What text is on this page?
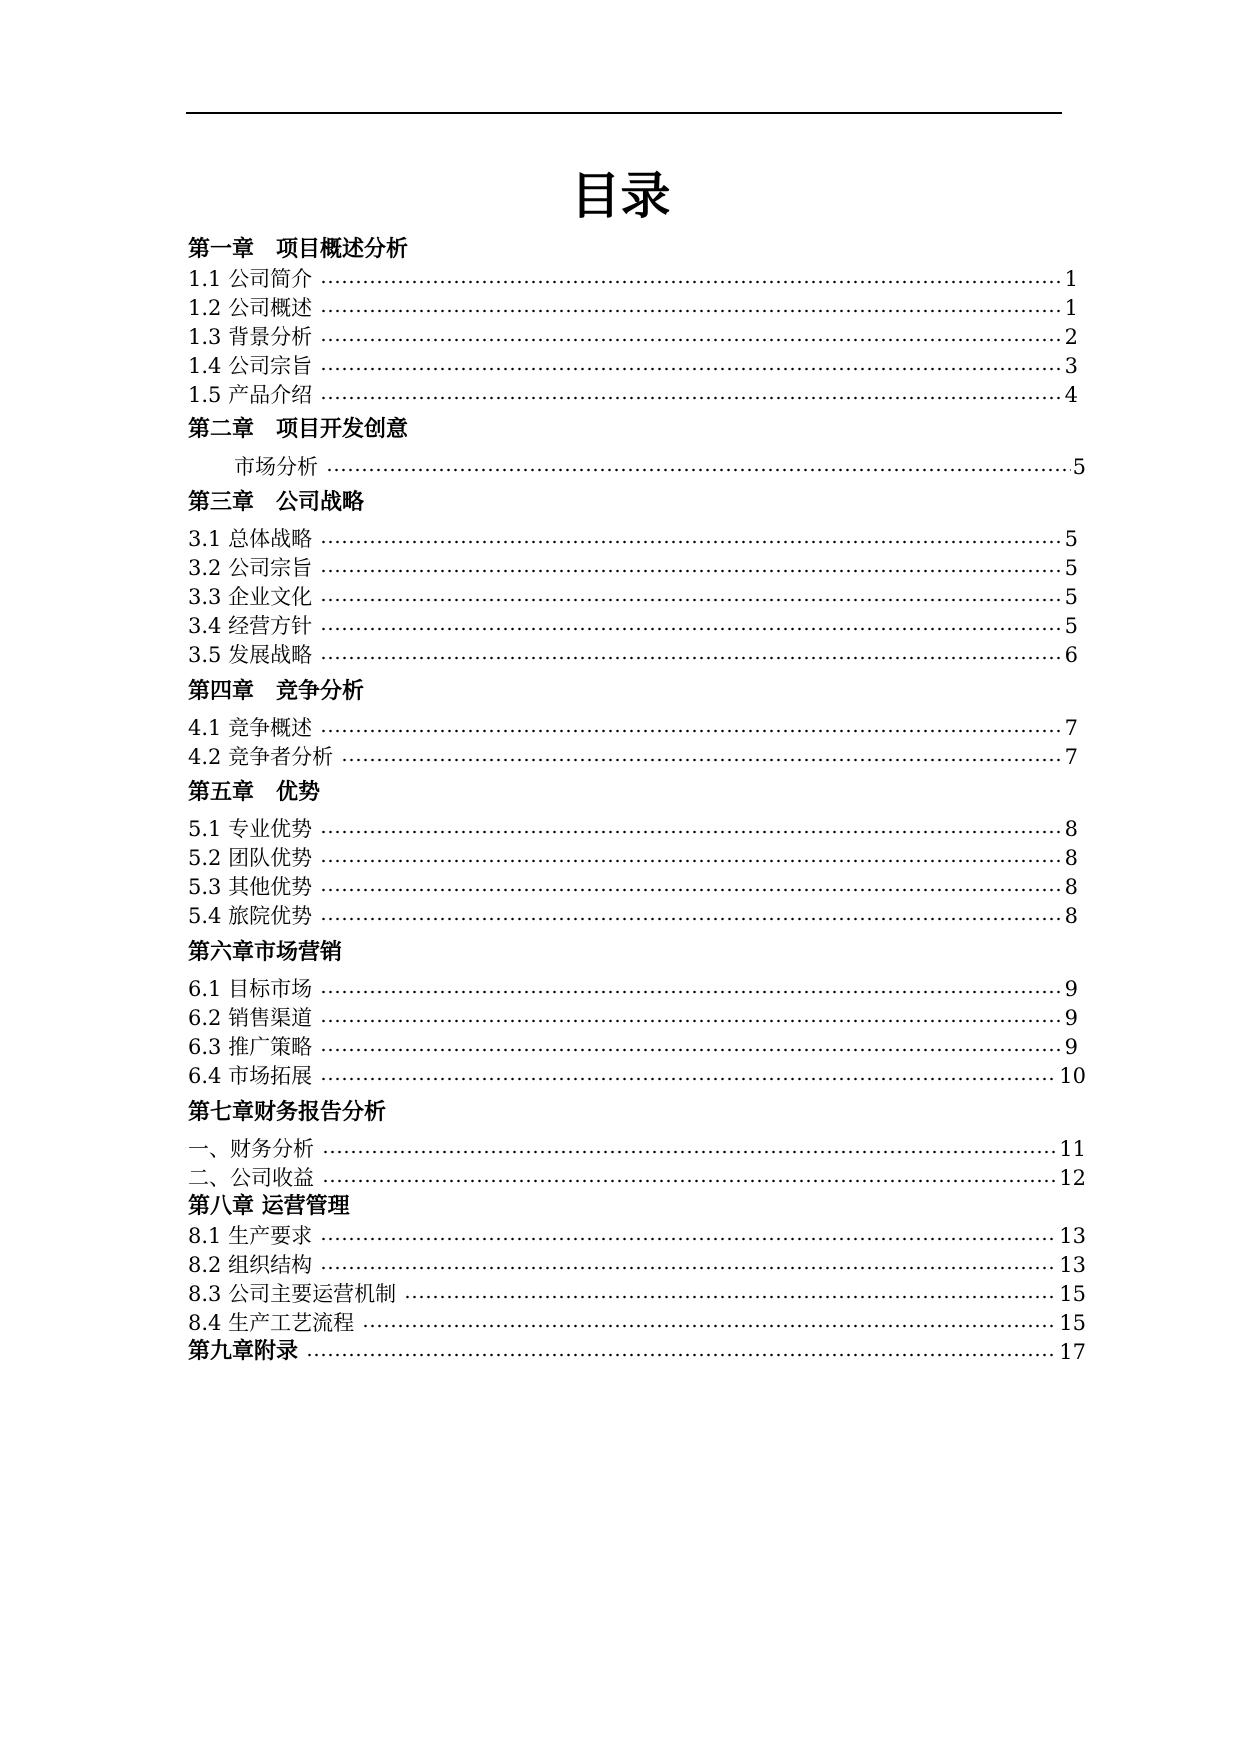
目录
第一章　项目概述分析
1.1 公司简介	1
1.2 公司概述	1
1.3 背景分析	2
1.4 公司宗旨	3
1.5 产品介绍	4
第二章　项目开发创意
市场分析	5
第三章　公司战略
3.1 总体战略	5
3.2 公司宗旨	5
3.3 企业文化	5
3.4 经营方针	5
3.5 发展战略	6
第四章　竞争分析
4.1 竞争概述	7
4.2 竞争者分析	7
第五章　优势
5.1 专业优势	8
5.2 团队优势	8
5.3 其他优势	8
5.4 旅院优势	8
第六章市场营销
6.1 目标市场	9
6.2 销售渠道	9
6.3 推广策略	9
6.4 市场拓展	10
第七章财务报告分析
一、财务分析	11
二、公司收益	12
第八章 运营管理
8.1 生产要求	13
8.2 组织结构	13
8.3 公司主要运营机制	15
8.4 生产工艺流程	15
第九章附录	17
